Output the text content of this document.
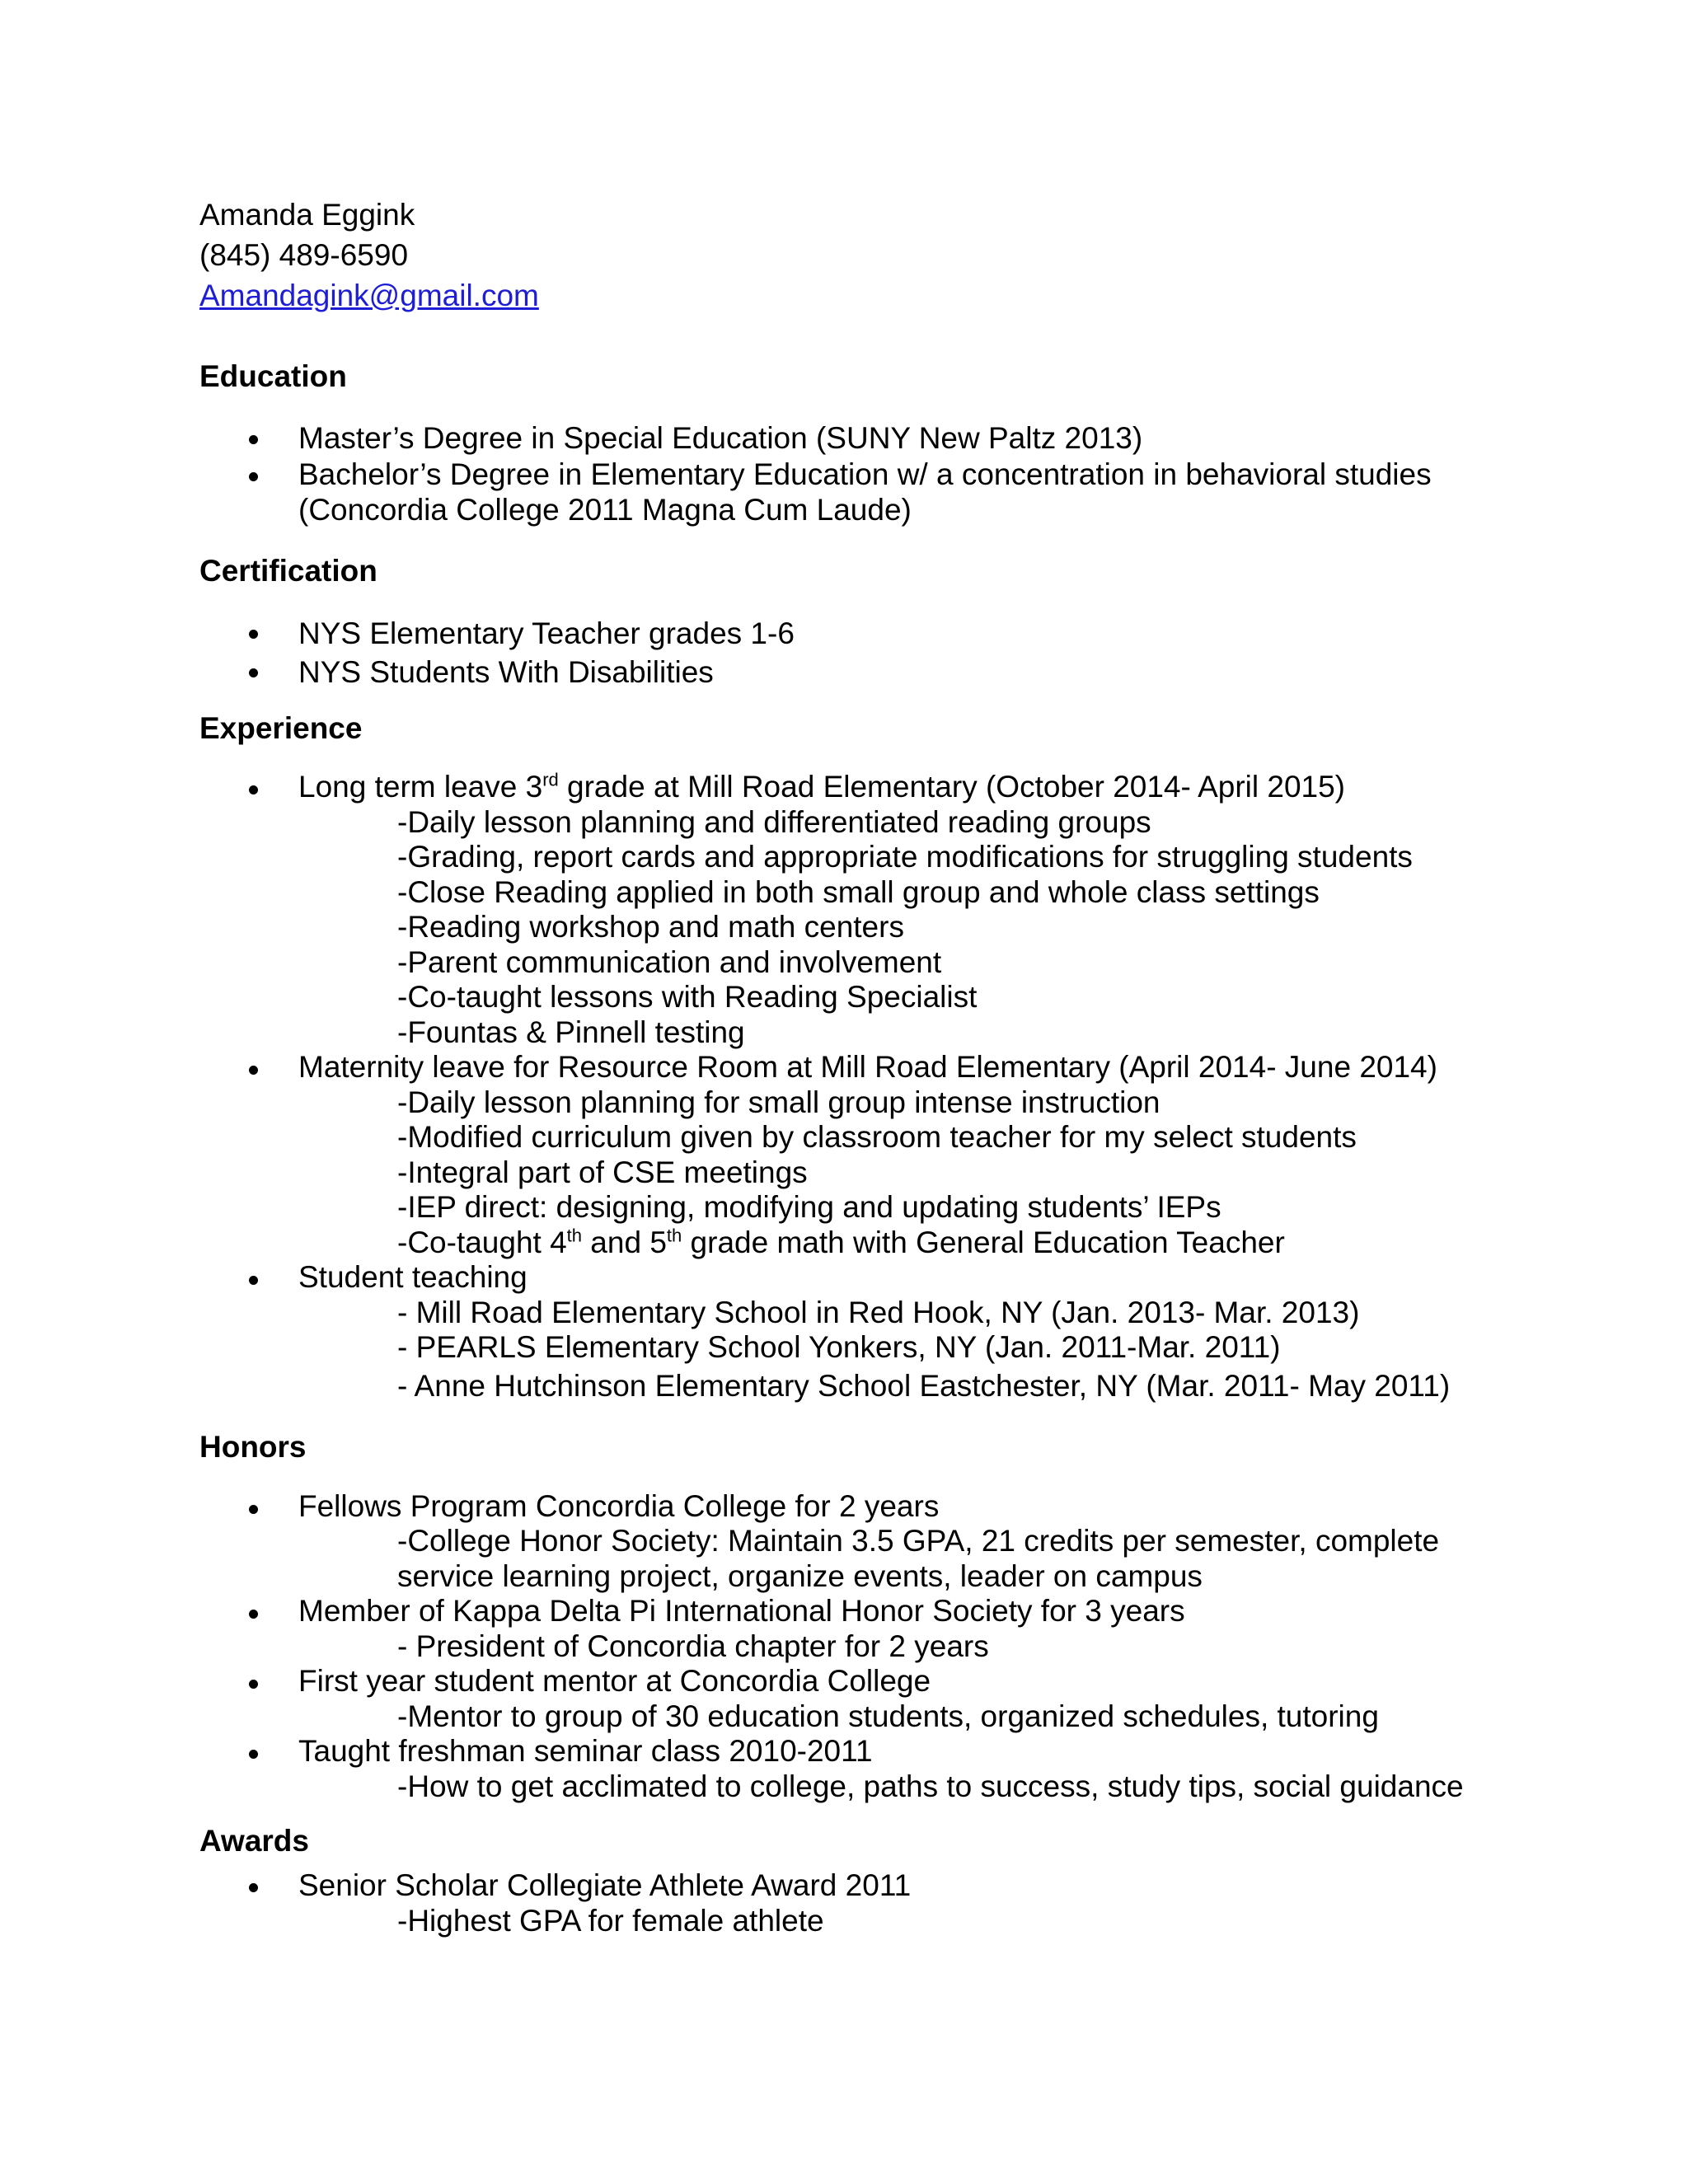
Amanda Eggink
(845) 489-6590
Amandagink@gmail.com
Education
Master’s Degree in Special Education (SUNY New Paltz 2013)
Bachelor’s Degree in Elementary Education w/ a concentration in behavioral studies
(Concordia College 2011 Magna Cum Laude)
Certification
NYS Elementary Teacher grades 1-6
NYS Students With Disabilities
Experience
Long term leave 3rd grade at Mill Road Elementary (October 2014- April 2015)
-Daily lesson planning and differentiated reading groups
-Grading, report cards and appropriate modifications for struggling students
-Close Reading applied in both small group and whole class settings
-Reading workshop and math centers
-Parent communication and involvement
-Co-taught lessons with Reading Specialist
-Fountas & Pinnell testing
Maternity leave for Resource Room at Mill Road Elementary (April 2014- June 2014)
-Daily lesson planning for small group intense instruction
-Modified curriculum given by classroom teacher for my select students
-Integral part of CSE meetings
-IEP direct: designing, modifying and updating students’ IEPs
-Co-taught 4th and 5th grade math with General Education Teacher
Student teaching
- Mill Road Elementary School in Red Hook, NY (Jan. 2013- Mar. 2013)
- PEARLS Elementary School Yonkers, NY (Jan. 2011-Mar. 2011)
- Anne Hutchinson Elementary School Eastchester, NY (Mar. 2011- May 2011)
Honors
Fellows Program Concordia College for 2 years
-College Honor Society: Maintain 3.5 GPA, 21 credits per semester, complete
service learning project, organize events, leader on campus
Member of Kappa Delta Pi International Honor Society for 3 years
- President of Concordia chapter for 2 years
First year student mentor at Concordia College
-Mentor to group of 30 education students, organized schedules, tutoring
Taught freshman seminar class 2010-2011
-How to get acclimated to college, paths to success, study tips, social guidance
Awards
Senior Scholar Collegiate Athlete Award 2011
-Highest GPA for female athlete
